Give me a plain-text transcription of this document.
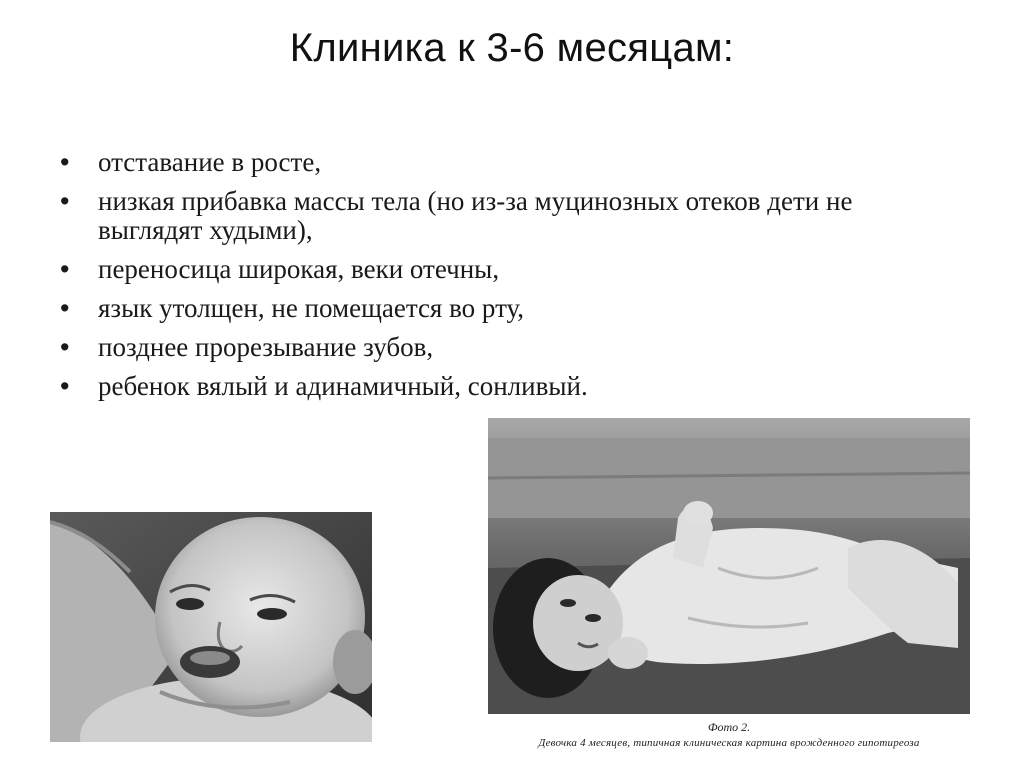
Клиника к 3-6 месяцам:
• отставание в росте,
• низкая прибавка массы тела (но из-за муцинозных отеков дети не выглядят худыми),
• переносица широкая, веки отечны,
• язык утолщен, не помещается во рту,
• позднее прорезывание зубов,
• ребенок вялый и адинамичный, сонливый.
Фото 2.
Девочка 4 месяцев, типичная клиническая картина врожденного гипотиреоза
